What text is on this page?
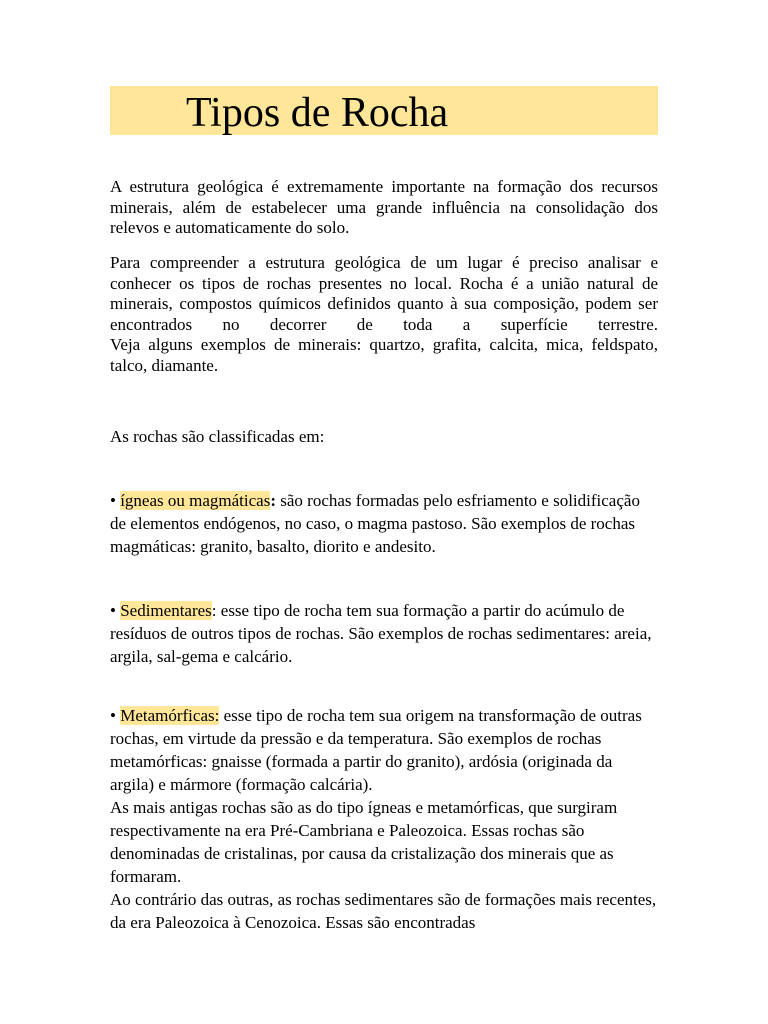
Tipos de Rocha

A estrutura geológica é extremamente importante na formação dos recursos minerais, além de estabelecer uma grande influência na consolidação dos relevos e automaticamente do solo.

Para compreender a estrutura geológica de um lugar é preciso analisar e conhecer os tipos de rochas presentes no local. Rocha é a união natural de minerais, compostos químicos definidos quanto à sua composição, podem ser encontrados no decorrer de toda a superfície terrestre.
Veja alguns exemplos de minerais: quartzo, grafita, calcita, mica, feldspato, talco, diamante.

As rochas são classificadas em:

• ígneas ou magmáticas: são rochas formadas pelo esfriamento e solidificação de elementos endógenos, no caso, o magma pastoso. São exemplos de rochas magmáticas: granito, basalto, diorito e andesito.

• Sedimentares: esse tipo de rocha tem sua formação a partir do acúmulo de resíduos de outros tipos de rochas. São exemplos de rochas sedimentares: areia, argila, sal-gema e calcário.

• Metamórficas: esse tipo de rocha tem sua origem na transformação de outras rochas, em virtude da pressão e da temperatura. São exemplos de rochas metamórficas: gnaisse (formada a partir do granito), ardósia (originada da argila) e mármore (formação calcária).
As mais antigas rochas são as do tipo ígneas e metamórficas, que surgiram respectivamente na era Pré-Cambriana e Paleozoica. Essas rochas são denominadas de cristalinas, por causa da cristalização dos minerais que as formaram.
Ao contrário das outras, as rochas sedimentares são de formações mais recentes, da era Paleozoica à Cenozoica. Essas são encontradas
